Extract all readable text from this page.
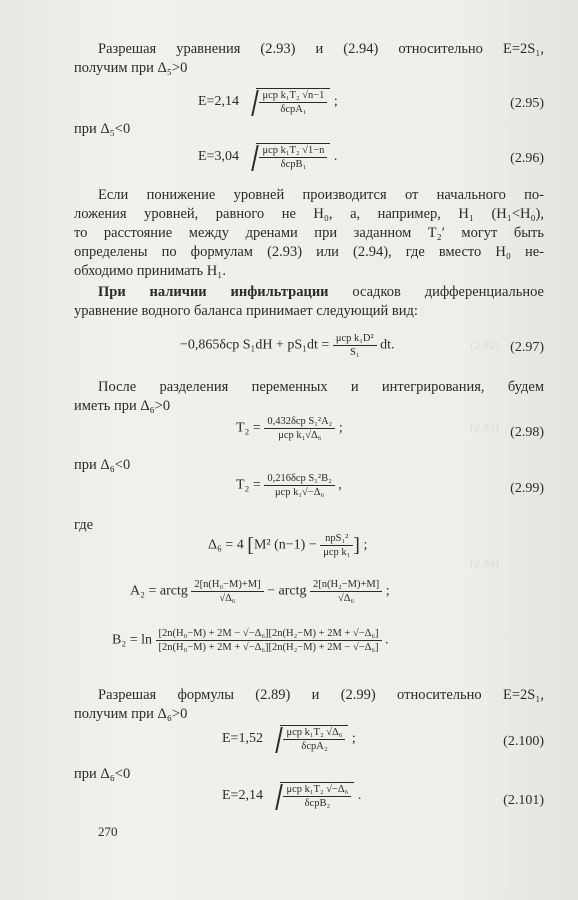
(2.92)
(2.93)
(2.94)
Разрешая уравнения (2.93) и (2.94) относительно E=2S₁,
получим при Δ₅>0
$E=2,14 \frac{\text{μcp k₁T₂ √n−1}}{\text{δcpA₁}}$ ;	(2.95)
при Δ₅<0
$E=3,04 \frac{\text{μcp k₁T₂ √1−n}}{\text{δcpB₁}}$ .	(2.96)
Если понижение уровней производится от начального по-
ложения уровней, равного не H₀, а, например, H₁ (H₁<H₀),
то расстояние между дренами при заданном T₂′ могут быть
определены по формулам (2.93) или (2.94), где вместо H₀ не-
обходимо принимать H₁.
При наличии инфильтрации осадков дифференциальное
уравнение водного баланса принимает следующий вид:
−0,865δcp $S_1dH + pS_1dt = \frac{\text{μcp k₁D²}}{\text{S₁}}$ dt.	(2.97)
После разделения переменных и интегрирования, будем
иметь при Δ₆>0
$T_2 = \frac{\text{0,432δcp S₁²A₂}}{\text{μcp k₁√Δ₆}}$ ;	(2.98)
при Δ₆<0
$T_2 = \frac{\text{0,216δcp S₁²B₂}}{\text{μcp k₁√−Δ₆}}$ ,	(2.99)
где
Δ₆ = 4 [M² $(n-1) - \frac{\text{npS₁²}}{\text{μcp k₁}}$ ] ;
A₂ = arctg $\frac{\text{2[n(H₀−M)+M]}}{\text{√Δ₆}}$ − arctg $\frac{\text{2[n(H₂−M)+M]}}{\text{√Δ₆}}$ ;
$B_2 = \ln \frac{\text{[2n(H₀−M) + 2M − √−Δ₆][2n(H₂−M) + 2M + √−Δ₆]}}{\text{[2n(H₀−M) + 2M + √−Δ₆][2n(H₂−M) + 2M − √−Δ₆]}}$ .
Разрешая формулы (2.89) и (2.99) относительно E=2S₁,
получим при Δ₆>0
$E=1,52 \frac{\text{μcp k₁T₂ √Δ₆}}{\text{δcpA₂}}$ ;	(2.100)
при Δ₆<0
$E=2,14 \frac{\text{μcp k₁T₂ √−Δ₆}}{\text{δcpB₂}}$ .	(2.101)
270
